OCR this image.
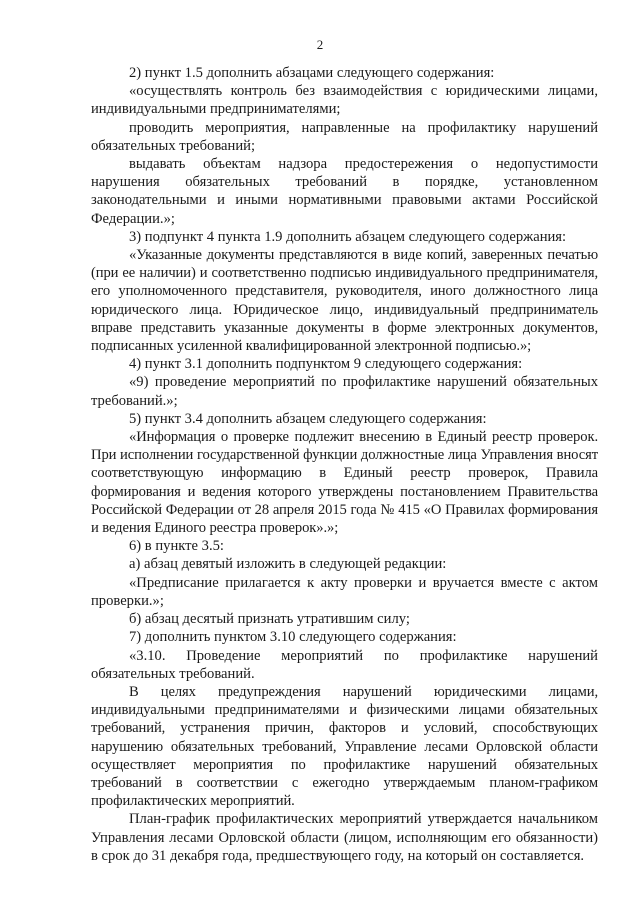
2

2) пункт 1.5 дополнить абзацами следующего содержания:

«осуществлять контроль без взаимодействия с юридическими лицами, индивидуальными предпринимателями;

проводить мероприятия, направленные на профилактику нарушений обязательных требований;

выдавать объектам надзора предостережения о недопустимости нарушения обязательных требований в порядке, установленном законодательными и иными нормативными правовыми актами Российской Федерации.»;

3) подпункт 4 пункта 1.9 дополнить абзацем следующего содержания:

«Указанные документы представляются в виде копий, заверенных печатью (при ее наличии) и соответственно подписью индивидуального предпринимателя, его уполномоченного представителя, руководителя, иного должностного лица юридического лица. Юридическое лицо, индивидуальный предприниматель вправе представить указанные документы в форме электронных документов, подписанных усиленной квалифицированной электронной подписью.»;

4) пункт 3.1 дополнить подпунктом 9 следующего содержания:

«9) проведение мероприятий по профилактике нарушений обязательных требований.»;

5) пункт 3.4 дополнить абзацем следующего содержания:

«Информация о проверке подлежит внесению в Единый реестр проверок. При исполнении государственной функции должностные лица Управления вносят соответствующую информацию в Единый реестр проверок, Правила формирования и ведения которого утверждены постановлением Правительства Российской Федерации от 28 апреля 2015 года № 415 «О Правилах формирования и ведения Единого реестра проверок».»;

6) в пункте 3.5:

а) абзац девятый изложить в следующей редакции:

«Предписание прилагается к акту проверки и вручается вместе с актом проверки.»;

б) абзац десятый признать утратившим силу;

7) дополнить пунктом 3.10 следующего содержания:

«3.10. Проведение мероприятий по профилактике нарушений обязательных требований.

В целях предупреждения нарушений юридическими лицами, индивидуальными предпринимателями и физическими лицами обязательных требований, устранения причин, факторов и условий, способствующих нарушению обязательных требований, Управление лесами Орловской области осуществляет мероприятия по профилактике нарушений обязательных требований в соответствии с ежегодно утверждаемым планом-графиком профилактических мероприятий.

План-график профилактических мероприятий утверждается начальником Управления лесами Орловской области (лицом, исполняющим его обязанности) в срок до 31 декабря года, предшествующего году, на который он составляется.
